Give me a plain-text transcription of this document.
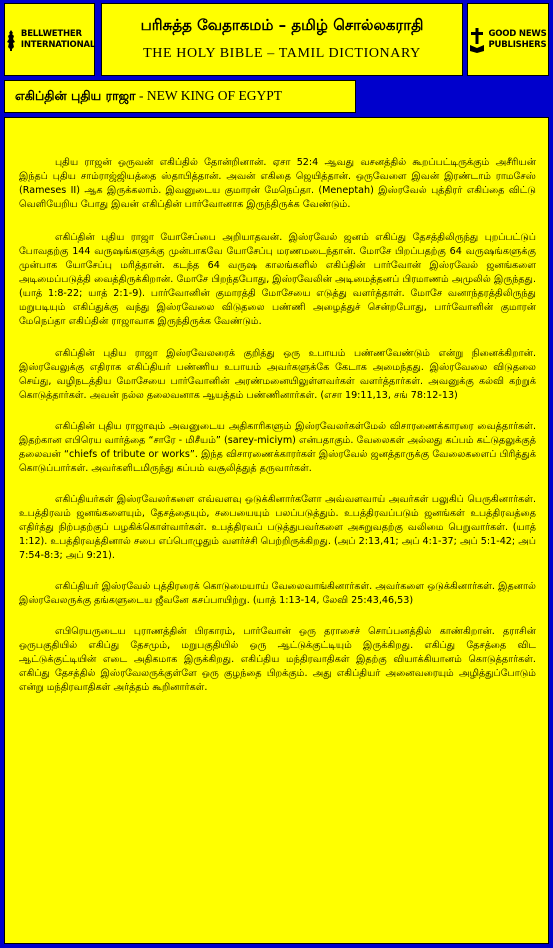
BELLWETHER
INTERNATIONAL
பரிசுத்த வேதாகமம் – தமிழ் சொல்லகராதி
THE HOLY BIBLE – TAMIL DICTIONARY
GOOD NEWS
PUBLISHERS
எகிப்தின் புதிய ராஜா - NEW KING OF EGYPT

புதிய ராஜன் ஒருவன் எகிப்தில் தோன்றினான். ஏசா 52:4 ஆவது வசனத்தில் கூறப்பட்டிருக்கும் அசீரியன் இந்தப் புதிய சாம்ராஜ்ஜியத்தை ஸ்தாபித்தான். அவன் எகிதை ஜெயித்தான். ஒருவேளை இவன் இரண்டாம் ராமசேஸ் (Rameses II) ஆக இருக்கலாம். இவனுடைய குமாரன் மேநெப்தா. (Meneptah) இஸ்ரவேல் புத்திரர் எகிப்தை விட்டு வெளியேறிய போது இவன் எகிப்தின் பார்வோனாக இருந்திருக்க வேண்டும்.

எகிப்தின் புதிய ராஜா யோசேப்பை அறியாதவன். இஸ்ரவேல் ஜனம் எகிப்து தேசத்திலிருந்து புறப்பட்டுப் போவதற்கு 144 வருஷங்களுக்கு முன்பாகவே யோசேப்பு மரணமடைந்தான். மோசே பிறப்பதற்கு 64 வருஷங்களுக்கு முன்பாக யோசேப்பு மரித்தான். கடந்த 64 வருஷ காலங்களில் எகிப்தின் பார்வோன் இஸ்ரவேல் ஜனங்களை அடிமைப்படுத்தி வைத்திருக்கிறான். மோசே பிறந்தபோது, இஸ்ரவேலின் அடிமைத்தனப் பிரமாணம் அமுலில் இருந்தது. (யாத் 1:8-22; யாத் 2:1-9). பார்வோனின் குமாரத்தி மோசேயை எடுத்து வளர்த்தாள். மோசே வனாந்தரத்திலிருந்து மறுபடியும் எகிப்துக்கு வந்து இஸ்ரவேலை விடுதலை பண்ணி அழைத்துச் சென்றபோது, பார்வோனின் குமாரன் மேநெப்தா எகிப்தின் ராஜாவாக இருந்திருக்க வேண்டும்.

எகிப்தின் புதிய ராஜா இஸ்ரவேலரைக் குறித்து ஒரு உபாயம் பண்ணவேண்டும் என்று நினைக்கிறான். இஸ்ரவேலுக்கு எதிராக எகிப்தியர் பண்ணிய உபாயம் அவர்களுக்கே கேடாக அமைந்தது. இஸ்ரவேலை விடுதலை செய்து, வழிநடத்திய மோசேயை பார்வோனின் அரண்மனையிலுள்ளவர்கள் வளர்த்தார்கள். அவனுக்கு கல்வி கற்றுக் கொடுத்தார்கள். அவன் நல்ல தலைவனாக ஆயத்தம் பண்ணினார்கள். (எசா 19:11,13, சங் 78:12-13)

எகிப்தின் புதிய ராஜாவும் அவனுடைய அதிகாரிகளும் இஸ்ரவேலர்கள்மேல் விசாரணைக்காரரை வைத்தார்கள். இதற்கான எபிரெய வார்த்தை “சாரே - மிசீயம்” (sarey-miciym) என்பதாகும். வேலைகள் அல்லது கப்பம் கட்டுதலுக்குத் தலைவன் “chiefs of tribute or works”. இந்த விசாரணைக்காரர்கள் இஸ்ரவேல் ஜனத்தாருக்கு வேலைகளைப் பிரித்துக் கொடுப்பார்கள். அவர்களிடமிருந்து கப்பம் வசூலித்துத் தருவார்கள்.

எகிப்தியர்கள் இஸ்ரவேலர்களை எவ்வளவு ஒடுக்கினார்களோ அவ்வளவாய் அவர்கள் பலுகிப் பெருகினார்கள். உபத்திரவம் ஜனங்களையும், தேசத்தையும், சபையையும் பலப்படுத்தும். உபத்திரவப்படும் ஜனங்கள் உபத்திரவத்தை எதிர்த்து நிற்பதற்குப் பழகிக்கொள்வார்கள். உபத்திரவப் படுத்துபவர்களை அசுறுவதற்கு வலிமை பெறுவார்கள். (யாத் 1:12). உபத்திரவத்தினால் சபை எப்பொழுதும் வளர்ச்சி பெற்றிருக்கிறது. (அப் 2:13,41; அப் 4:1-37; அப் 5:1-42; அப் 7:54-8:3; அப் 9:21).

எகிப்தியர் இஸ்ரவேல் புத்திரரைக் கொடுமையாய் வேலைவாங்கினார்கள். அவர்களை ஒடுக்கினார்கள். இதனால் இஸ்ரவேலருக்கு தங்களுடைய ஜீவனே கசப்பாயிற்று. (யாத் 1:13-14, லேவி 25:43,46,53)

எபிரெயருடைய புராணத்தின் பிரகாரம், பார்வோன் ஒரு தராசைச் சொப்பனத்தில் காண்கிறான். தராசின் ஒருபகுதியில் எகிப்து தேசமும், மறுபகுதியில் ஒரு ஆட்டுக்குட்டியும் இருக்கிறது. எகிப்து தேசத்தை விட ஆட்டுக்குட்டியின் எடை அதிகமாக இருக்கிறது. எகிப்திய மந்திரவாதிகள் இதற்கு வியாக்கியானம் கொடுத்தார்கள். எகிப்து தேசத்தில் இஸ்ரவேலருக்குள்ளே ஒரு குழந்தை பிறக்கும். அது எகிப்தியர் அனைவரையும் அழித்துப்போடும் என்று மந்திரவாதிகள் அர்த்தம் கூறினார்கள்.
